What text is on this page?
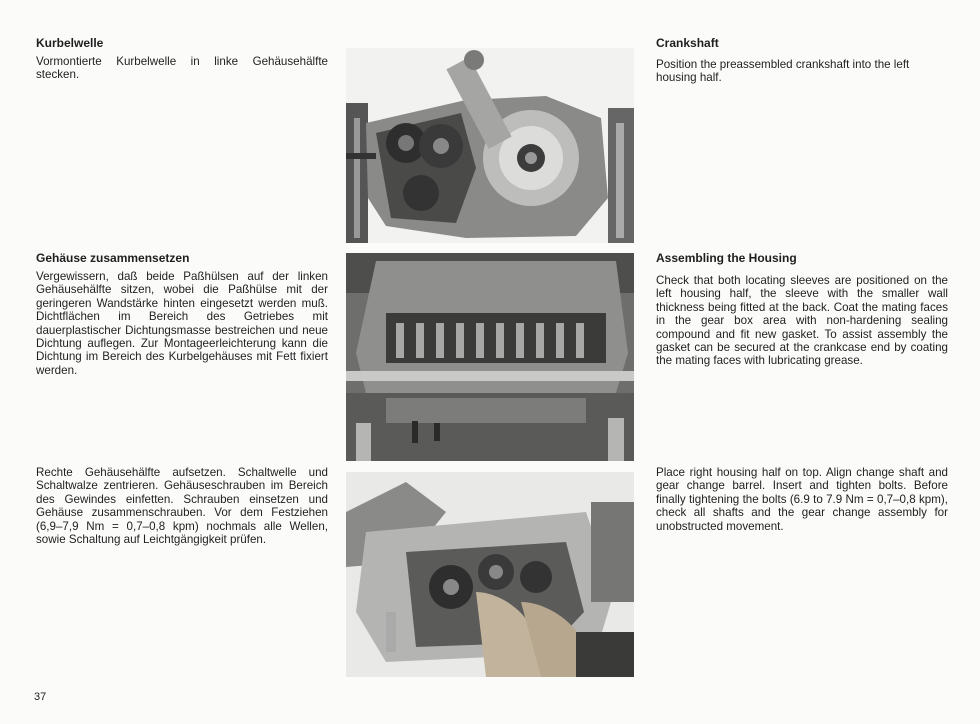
Kurbelwelle

Vormontierte Kurbelwelle in linke Gehäusehälfte stecken.

Crankshaft

Position the preassembled crankshaft into the left housing half.

Gehäuse zusammensetzen

Vergewissern, daß beide Paßhülsen auf der linken Gehäusehälfte sitzen, wobei die Paßhülse mit der geringeren Wandstärke hinten eingesetzt werden muß. Dichtflächen im Bereich des Getriebes mit dauerplastischer Dichtungsmasse bestreichen und neue Dichtung auflegen. Zur Montageerleichterung kann die Dichtung im Bereich des Kurbelgehäuses mit Fett fixiert werden.

Assembling the Housing

Check that both locating sleeves are positioned on the left housing half, the sleeve with the smaller wall thickness being fitted at the back. Coat the mating faces in the gear box area with non-hardening sealing compound and fit new gasket. To assist assembly the gasket can be secured at the crankcase end by coating the mating faces with lubricating grease.

Rechte Gehäusehälfte aufsetzen. Schaltwelle und Schaltwalze zentrieren. Gehäuseschrauben im Bereich des Gewindes einfetten. Schrauben einsetzen und Gehäuse zusammenschrauben. Vor dem Festziehen (6,9–7,9 Nm = 0,7–0,8 kpm) nochmals alle Wellen, sowie Schaltung auf Leichtgängigkeit prüfen.

Place right housing half on top. Align change shaft and gear change barrel. Insert and tighten bolts. Before finally tightening the bolts (6.9 to 7.9 Nm = 0,7–0,8 kpm), check all shafts and the gear change assembly for unobstructed movement.

37
